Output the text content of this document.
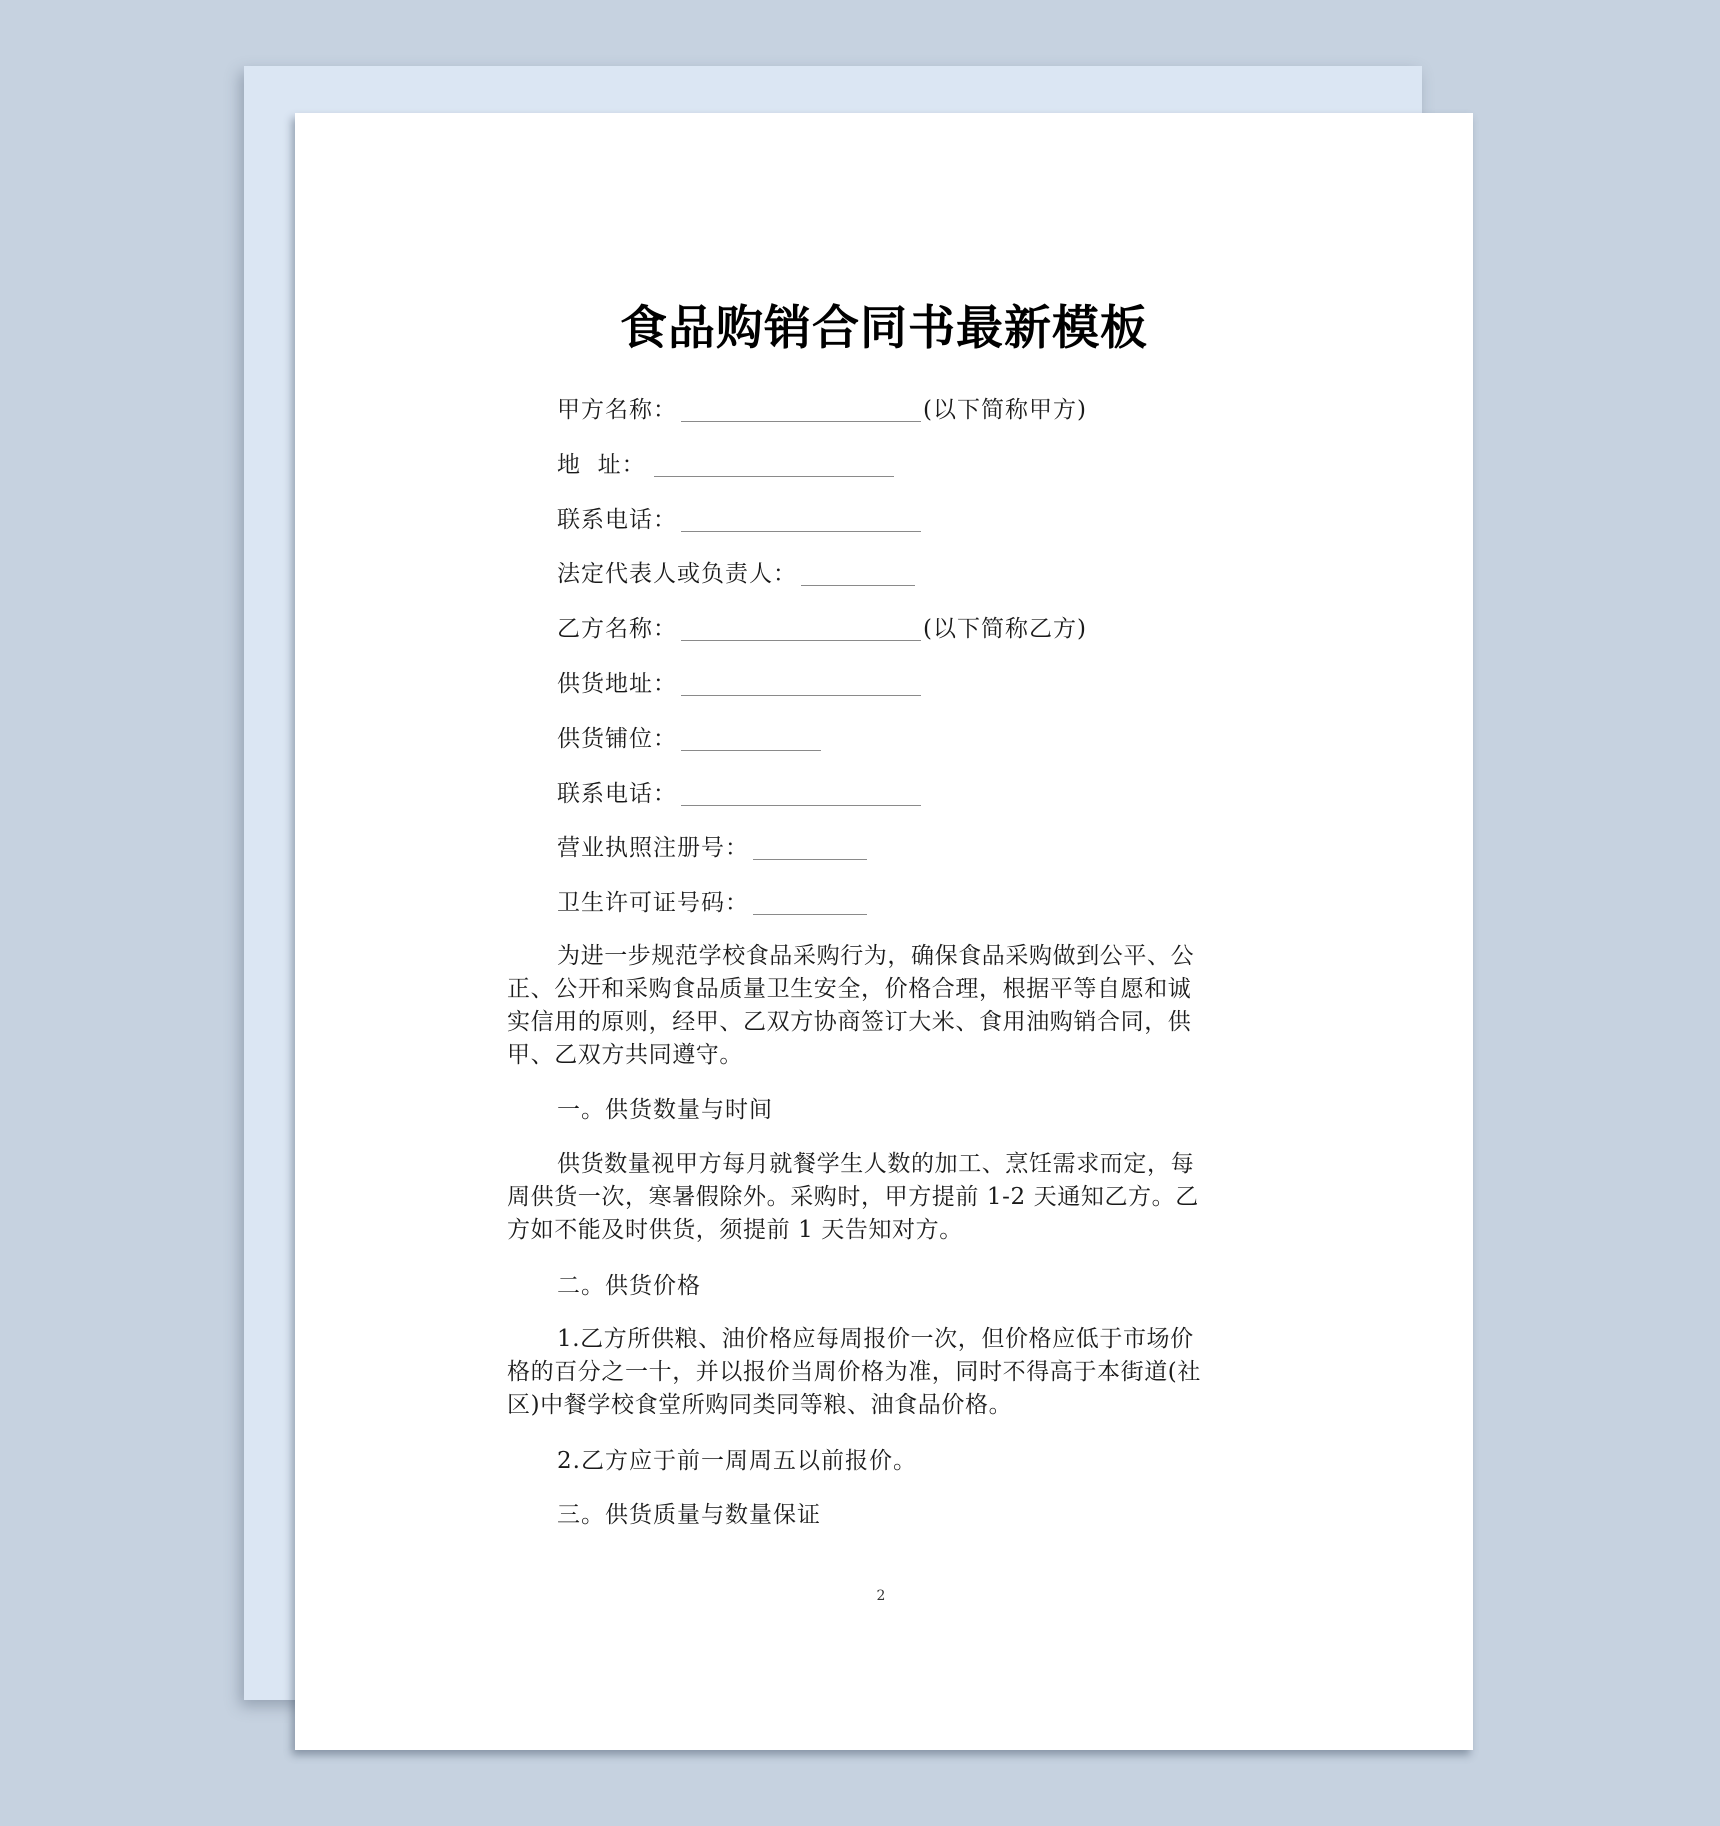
食品购销合同书最新模板
甲方名称：	(以下简称甲方)
地  址：
联系电话：
法定代表人或负责人：
乙方名称：	(以下简称乙方)
供货地址：
供货铺位：
联系电话：
营业执照注册号：
卫生许可证号码：
为进一步规范学校食品采购行为，确保食品采购做到公平、公
正、公开和采购食品质量卫生安全，价格合理，根据平等自愿和诚
实信用的原则，经甲、乙双方协商签订大米、食用油购销合同，供
甲、乙双方共同遵守。
一。供货数量与时间
供货数量视甲方每月就餐学生人数的加工、烹饪需求而定，每
周供货一次，寒暑假除外。采购时，甲方提前 1-2 天通知乙方。乙
方如不能及时供货，须提前 1 天告知对方。
二。供货价格
1.乙方所供粮、油价格应每周报价一次，但价格应低于市场价
格的百分之一十，并以报价当周价格为准，同时不得高于本街道(社
区)中餐学校食堂所购同类同等粮、油食品价格。
2.乙方应于前一周周五以前报价。
三。供货质量与数量保证
2
